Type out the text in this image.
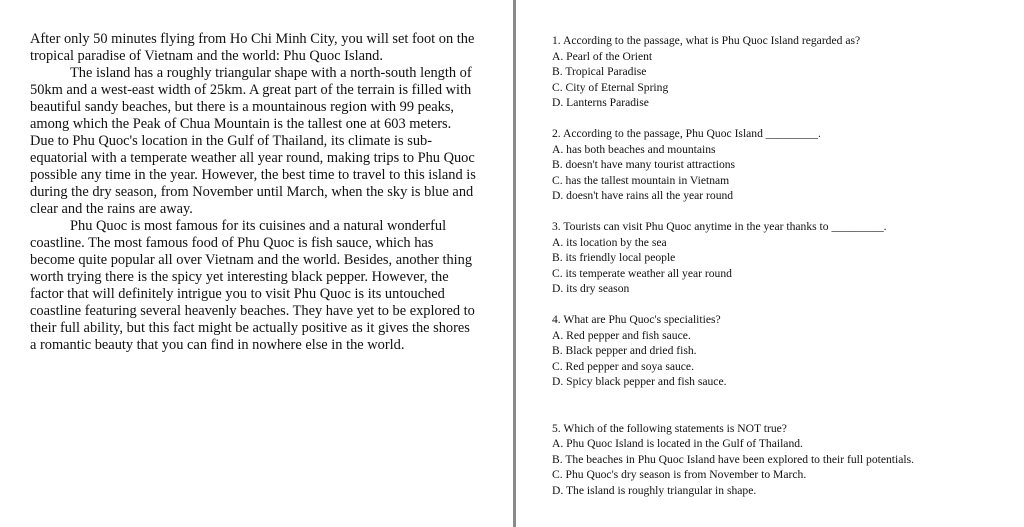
After only 50 minutes flying from Ho Chi Minh City, you will set foot on the tropical paradise of Vietnam and the world: Phu Quoc Island.

The island has a roughly triangular shape with a north-south length of 50km and a west-east width of 25km. A great part of the terrain is filled with beautiful sandy beaches, but there is a mountainous region with 99 peaks, among which the Peak of Chua Mountain is the tallest one at 603 meters. Due to Phu Quoc's location in the Gulf of Thailand, its climate is sub-equatorial with a temperate weather all year round, making trips to Phu Quoc possible any time in the year. However, the best time to travel to this island is during the dry season, from November until March, when the sky is blue and clear and the rains are away.

Phu Quoc is most famous for its cuisines and a natural wonderful coastline. The most famous food of Phu Quoc is fish sauce, which has become quite popular all over Vietnam and the world. Besides, another thing worth trying there is the spicy yet interesting black pepper. However, the factor that will definitely intrigue you to visit Phu Quoc is its untouched coastline featuring several heavenly beaches. They have yet to be explored to their full ability, but this fact might be actually positive as it gives the shores a romantic beauty that you can find in nowhere else in the world.

1. According to the passage, what is Phu Quoc Island regarded as?
A. Pearl of the Orient
B. Tropical Paradise
C. City of Eternal Spring
D. Lanterns Paradise
2. According to the passage, Phu Quoc Island _________.
A. has both beaches and mountains
B. doesn't have many tourist attractions
C. has the tallest mountain in Vietnam
D. doesn't have rains all the year round
3. Tourists can visit Phu Quoc anytime in the year thanks to _________.
A. its location by the sea
B. its friendly local people
C. its temperate weather all year round
D. its dry season
4. What are Phu Quoc's specialities?
A. Red pepper and fish sauce.
B. Black pepper and dried fish.
C. Red pepper and soya sauce.
D. Spicy black pepper and fish sauce.
5. Which of the following statements is NOT true?
A. Phu Quoc Island is located in the Gulf of Thailand.
B. The beaches in Phu Quoc Island have been explored to their full potentials.
C. Phu Quoc's dry season is from November to March.
D. The island is roughly triangular in shape.
